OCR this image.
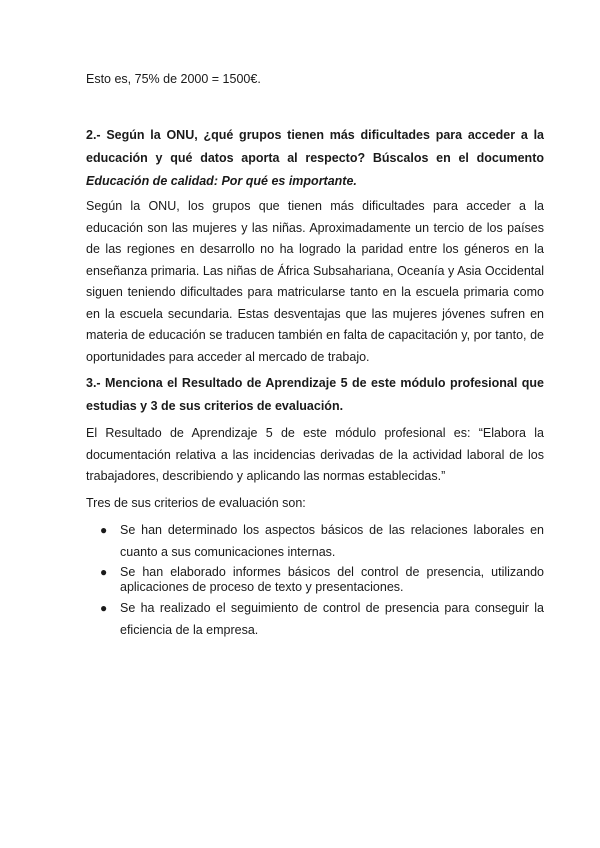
Esto es, 75% de 2000 = 1500€.

2.- Según la ONU, ¿qué grupos tienen más dificultades para acceder a la educación y qué datos aporta al respecto? Búscalos en el documento Educación de calidad: Por qué es importante.

Según la ONU, los grupos que tienen más dificultades para acceder a la educación son las mujeres y las niñas. Aproximadamente un tercio de los países de las regiones en desarrollo no ha logrado la paridad entre los géneros en la enseñanza primaria. Las niñas de África Subsahariana, Oceanía y Asia Occidental siguen teniendo dificultades para matricularse tanto en la escuela primaria como en la escuela secundaria. Estas desventajas que las mujeres jóvenes sufren en materia de educación se traducen también en falta de capacitación y, por tanto, de oportunidades para acceder al mercado de trabajo.

3.- Menciona el Resultado de Aprendizaje 5 de este módulo profesional que estudias y 3 de sus criterios de evaluación.

El Resultado de Aprendizaje 5 de este módulo profesional es: “Elabora la documentación relativa a las incidencias derivadas de la actividad laboral de los trabajadores, describiendo y aplicando las normas establecidas.”

Tres de sus criterios de evaluación son:

● Se han determinado los aspectos básicos de las relaciones laborales en cuanto a sus comunicaciones internas.
● Se han elaborado informes básicos del control de presencia, utilizando aplicaciones de proceso de texto y presentaciones.
● Se ha realizado el seguimiento de control de presencia para conseguir la eficiencia de la empresa.
